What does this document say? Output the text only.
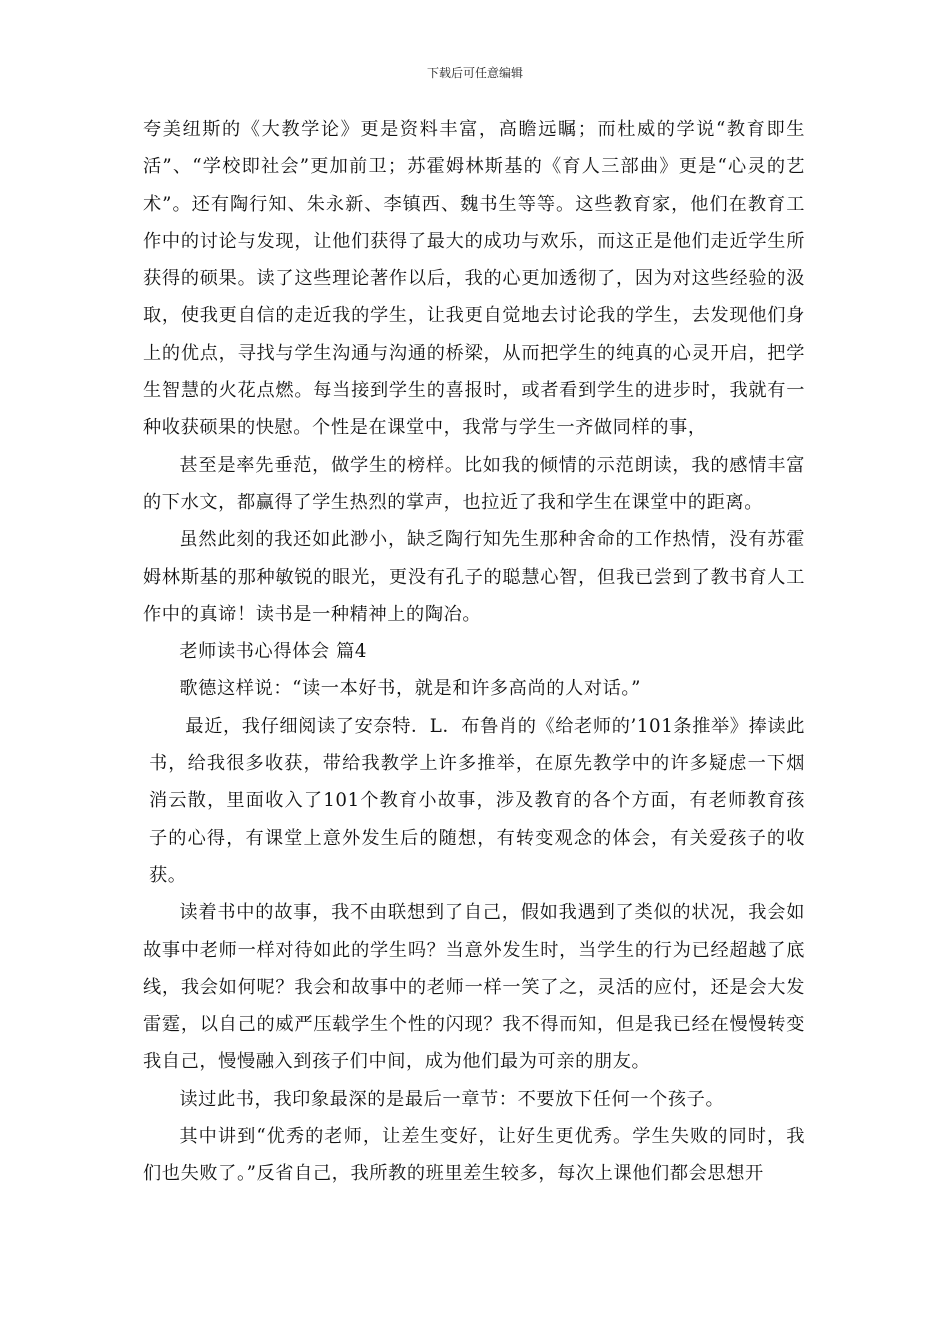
下载后可任意编辑

夸美纽斯的《大教学论》更是资料丰富，高瞻远瞩；而杜威的学说“教育即生活”、“学校即社会”更加前卫；苏霍姆林斯基的《育人三部曲》更是“心灵的艺术”。还有陶行知、朱永新、李镇西、魏书生等等。这些教育家，他们在教育工作中的讨论与发现，让他们获得了最大的成功与欢乐，而这正是他们走近学生所获得的硕果。读了这些理论著作以后，我的心更加透彻了，因为对这些经验的汲取，使我更自信的走近我的学生，让我更自觉地去讨论我的学生，去发现他们身上的优点，寻找与学生沟通与沟通的桥梁，从而把学生的纯真的心灵开启，把学生智慧的火花点燃。每当接到学生的喜报时，或者看到学生的进步时，我就有一种收获硕果的快慰。个性是在课堂中，我常与学生一齐做同样的事，

甚至是率先垂范，做学生的榜样。比如我的倾情的示范朗读，我的感情丰富的下水文，都赢得了学生热烈的掌声，也拉近了我和学生在课堂中的距离。

虽然此刻的我还如此渺小，缺乏陶行知先生那种舍命的工作热情，没有苏霍姆林斯基的那种敏锐的眼光，更没有孔子的聪慧心智，但我已尝到了教书育人工作中的真谛！读书是一种精神上的陶冶。

老师读书心得体会 篇4

歌德这样说：“读一本好书，就是和许多高尚的人对话。”

最近，我仔细阅读了安奈特．L．布鲁肖的《给老师的’101条推举》捧读此书，给我很多收获，带给我教学上许多推举，在原先教学中的许多疑虑一下烟消云散，里面收入了101个教育小故事，涉及教育的各个方面，有老师教育孩子的心得，有课堂上意外发生后的随想，有转变观念的体会，有关爱孩子的收获。

读着书中的故事，我不由联想到了自己，假如我遇到了类似的状况，我会如故事中老师一样对待如此的学生吗？当意外发生时，当学生的行为已经超越了底线，我会如何呢？我会和故事中的老师一样一笑了之，灵活的应付，还是会大发雷霆，以自己的威严压载学生个性的闪现？我不得而知，但是我已经在慢慢转变我自己，慢慢融入到孩子们中间，成为他们最为可亲的朋友。

读过此书，我印象最深的是最后一章节：不要放下任何一个孩子。

其中讲到“优秀的老师，让差生变好，让好生更优秀。学生失败的同时，我们也失败了。”反省自己，我所教的班里差生较多，每次上课他们都会思想开
